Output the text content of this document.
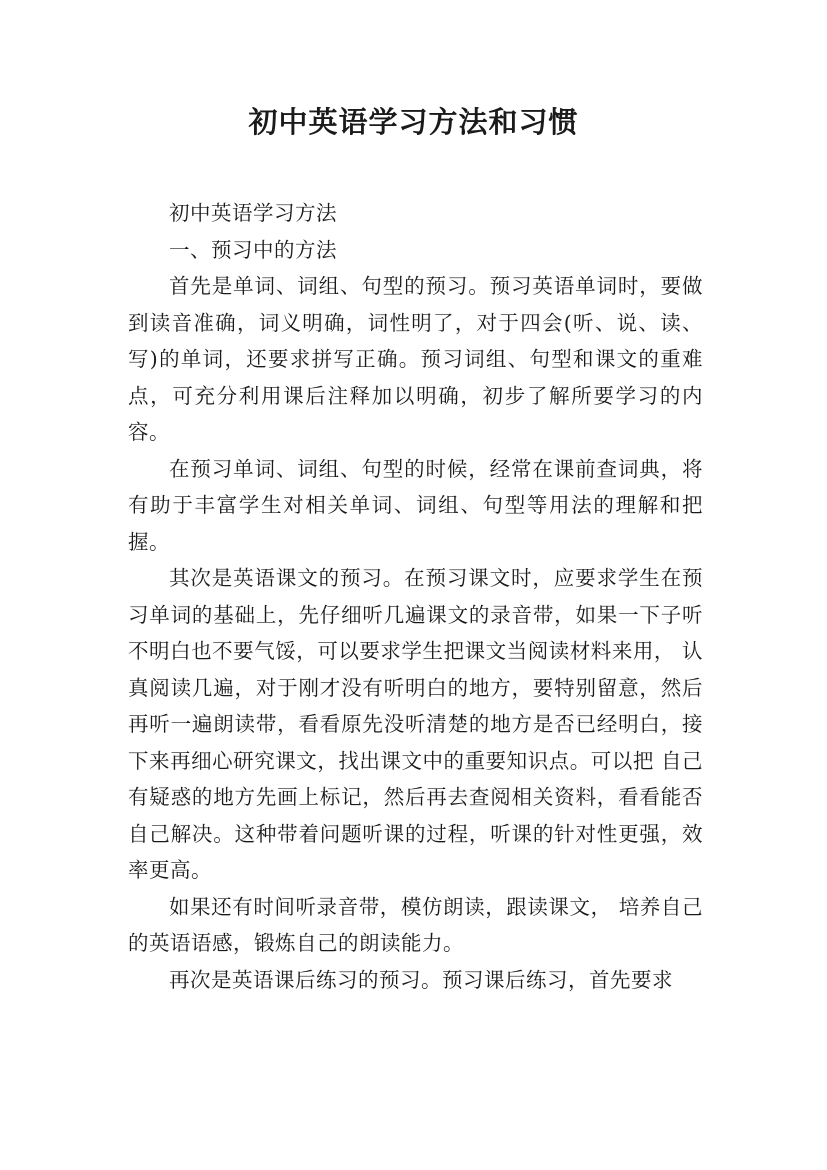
初中英语学习方法和习惯

初中英语学习方法

一、预习中的方法

首先是单词、词组、句型的预习。预习英语单词时，要做到读音准确，词义明确，词性明了，对于四会(听、说、读、写)的单词，还要求拼写正确。预习词组、句型和课文的重难点，可充分利用课后注释加以明确，初步了解所要学习的内容。

在预习单词、词组、句型的时候，经常在课前查词典，将有助于丰富学生对相关单词、词组、句型等用法的理解和把握。

其次是英语课文的预习。在预习课文时，应要求学生在预习单词的基础上，先仔细听几遍课文的录音带，如果一下子听不明白也不要气馁，可以要求学生把课文当阅读材料来用， 认真阅读几遍，对于刚才没有听明白的地方，要特别留意，然后再听一遍朗读带，看看原先没听清楚的地方是否已经明白，接下来再细心研究课文，找出课文中的重要知识点。可以把 自己有疑惑的地方先画上标记，然后再去查阅相关资料，看看能否自己解决。这种带着问题听课的过程，听课的针对性更强，效率更高。

如果还有时间听录音带，模仿朗读，跟读课文， 培养自己的英语语感，锻炼自己的朗读能力。

再次是英语课后练习的预习。预习课后练习，首先要求
